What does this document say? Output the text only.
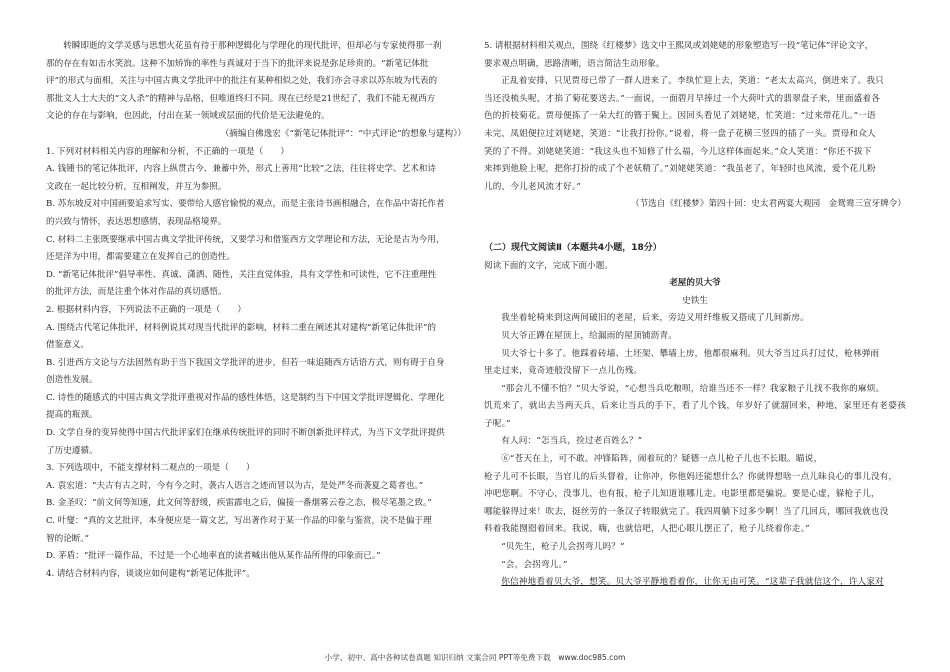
转瞬即逝的文学灵感与思想火花虽有待于那种逻辑化与学理化的现代批评，但却必与专家使得那一刹

那的存在有如击水笑浪。这种不加矫饰的率性与真诚对于当下的批评来说是弥足珍贵的。“新笔记体批

评”的形式与面相，关注与中国古典文学批评中的批注有某种相似之处，我们亦会寻求以苏东坡为代表的

那批文人士大夫的“文人杀”的精神与品格，但唯道终归不同。现在已经是21世纪了，我们不能无视西方

文论的存在与影响，也因此，付出在某一领域或层面的代价是无法避免的。

（摘编自佛逸宏《“新笔记体批评”：“中式评论”的想象与建构》）

1. 下列对材料相关内容的理解和分析，不正确的一项是（　　）

A. 钱锺书的笔记体批评，内容上纵贯古今、兼蓄中外，形式上善用“比较”之法，往往将史学、艺术和诗

文政在一起比较分析，互相阐发，并互为参照。

B. 苏东坡反对中国画要追求写实、要带给人感官愉悦的观点，而是主张诗书画相融合，在作品中寄托作者

的兴致与情怀，表达思想感情，表现品格境界。

C. 材料二主张既要继承中国古典文学批评传统，又要学习和借鉴西方文学理论和方法，无论是古为今用，

还是洋为中用，都需要建立在发挥自己的创造性。

D. “新笔记体批评”倡导率性、真诚、潇洒、随性，关注直觉体验，具有文学性和可读性，它不注重理性

的批评方法，而是注重个体对作品的真切感悟。

2. 根据材料内容，下列说法不正确的一项是（　　）

A. 围绕古代笔记体批评，材料例说其对现当代批评的影响，材料二重在阐述其对建构“新笔记体批评”的

借鉴意义。

B. 引进西方文论与方法固然有助于当下我国文学批评的进步，但若一味追随西方话语方式，则有碍于自身

创造性发展。

C. 诗性的随感式的中国古典文学批评重视对作品的感性体悟，这是制约当下中国文学批评逻辑化、学理化

提高的瓶颈。

D. 文学自身的变异使得中国古代批评家们在继承传统批评的同时不断创新批评样式，为当下文学批评提供

了历史遵循。

3. 下列选项中，不能支撑材料二观点的一项是（　　）

A. 袁宏道：“夫古有古之时，今有今之时，袭古人语言之迹而冒以为古，是处严冬而袭夏之葛者也。”

B. 金圣叹：“前文何等知速，此文何等舒缓，疾雷霹电之后，偏接一番烟雾云卷之态，极尽笔墨之致。”

C. 叶燮：“真的文艺批评，本身便应是一篇文艺，写出著作对于某一作品的印象与鉴赏，决不是偏于理

智的论断。”

D. 茅盾：“批评一篇作品，不过是一个心地率直的读者喊出他从某作品所得的印象而已。”

4. 请结合材料内容，谈谈应如何建构“新笔记体批评”。

5. 请根据材料相关观点，围绕《红楼梦》选文中王熙凤或刘姥姥的形象塑造写一段“笔记体”评论文字，

要求观点明确，思路清晰，语言简洁生动形象。

正乱着安排，只见贾母已带了一群人进来了。李纨忙迎上去，笑道：“老太太高兴，倒进来了。我只

当还没梳头呢，才掐了菊花要送去。”一面说，一面碧月早捧过一个大荷叶式的翡翠盘子来，里面盛着各

色的折枝菊花。贾母便拣了一朵大红的簪于鬓上。因回头看见了刘姥姥，忙笑道：“过来带花儿。”一语

未完，凤姐便拉过刘姥姥，笑道：“让我打扮你。”说着，将一盘子花横三竖四的插了一头。贾母和众人

笑的了不得。刘姥姥笑道：“我这头也不知修了什么福，今儿这样体面起来。”众人笑道：“你还不拔下

来摔到他脸上呢，把你打扮的成了个老妖精了。”刘姥姥笑道：“我虽老了，年轻时也风流，爱个花儿粉

儿的，今儿老风流才好。”

（节选自《红楼梦》第四十回：史太君两宴大观园　金鸳鸯三宣牙牌令）

（二）现代文阅读Ⅱ（本题共4小题，18分）

阅读下面的文字，完成下面小题。

老屋的贝大爷

史铁生

我坐着轮椅来到这两间破旧的老屋，后来，旁边又用纤维板又搭成了几间新房。

贝大爷正蹲在屋顶上，给漏雨的屋顶铺沥青。

贝大爷七十多了。他踩着砖墙、土坯架、攀墙上房，他都很麻利。贝大爷当过兵打过仗，枪林弹雨

里走过来，竟奇迹般没留下一点儿伤残。

“那会儿不懂不怕？”贝大爷说，“心想当兵吃粮呗，给谁当还不一样？我家粮子儿找不我你的麻烦。

饥荒来了，就出去当两天兵，后来让当兵的手下，看了儿个钱，年岁好了就溜回来，种地，家里还有老婆孩子呢。”

有人问：“怎当兵，捡过老百姓么？”

⑥“苍天在上，可不敢。冲锋陷阵，闹着玩的？疑德一点儿枪子儿也不长眼。瞄说，

枪子儿可不长眼，当官儿的后头督着，让你冲，你他妈还能想什么？你就得想啥一点儿昧良心的事儿没有，

冲吧您啊。不守心，没事儿，也有报，枪子儿知道谁哪儿走。电影里都是骗说。要是心虚，躲枪子儿，

哪能躲得过来！吹去，挺丝劳的一条汉子转眼就完了。我四周躺下过多少啊！当了几回兵，哪回我就也没

料着我能囫囵着回来。我说，嗨，也就信吧，人把心眼儿摆正了，枪子儿绕着你走。”

“贝先生，枪子儿会拐弯儿吗？”

“会，会拐弯儿。”

你信神地看着贝大爷，想笑。贝大爷平静地看着你，让你无由可笑。“这辈子我就信这个，许人家对

小学、初中、高中各种试卷真题 知识归纳 文案合同 PPT等免费下载　www.doc985.com
